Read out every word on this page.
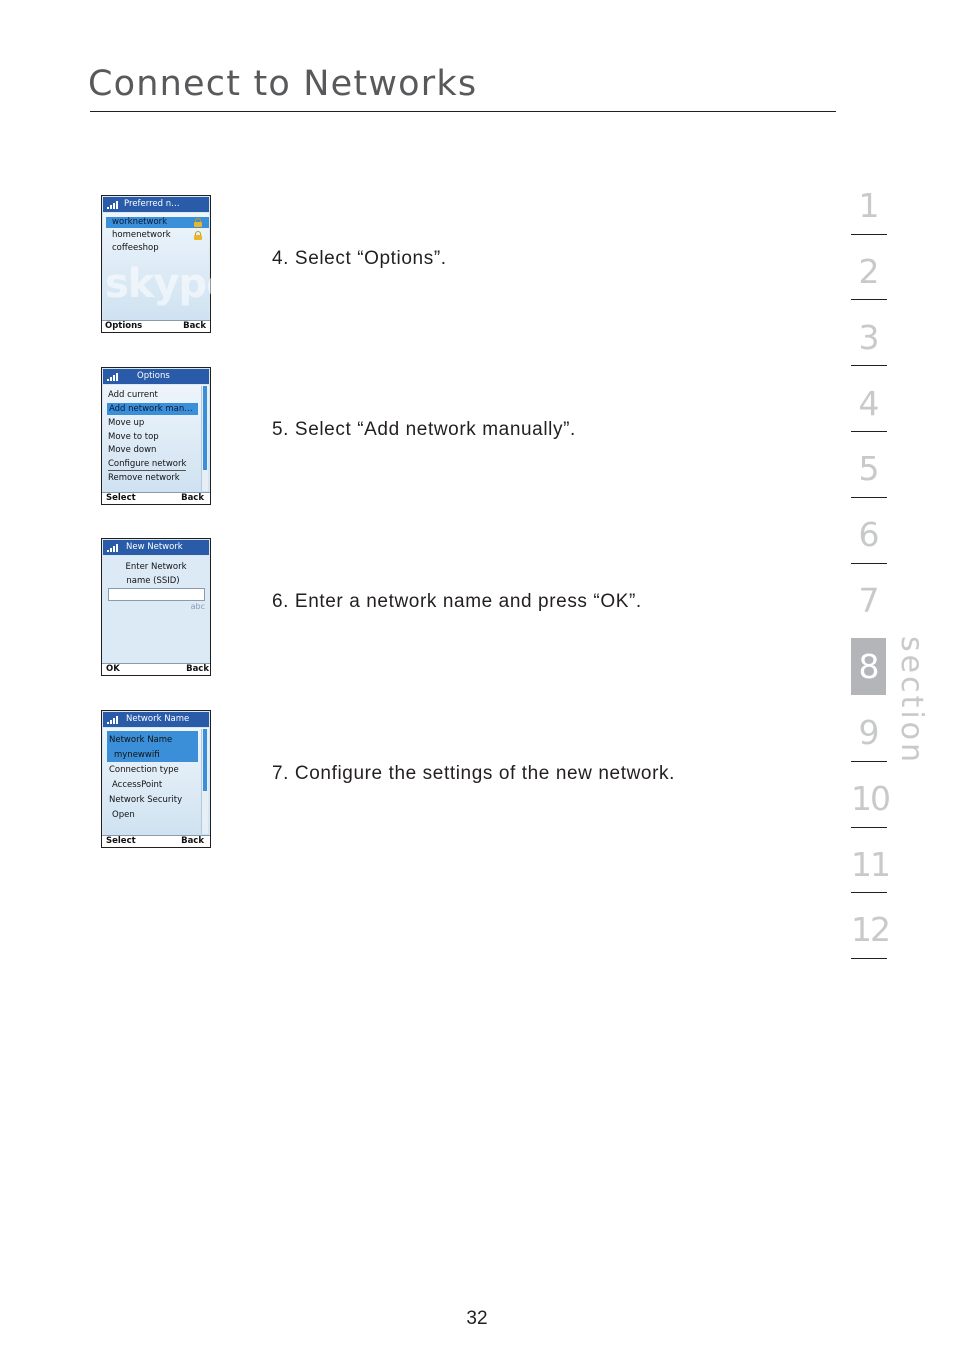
Connect to Networks
Preferred n…
skype
worknetwork
homenetwork
coffeeshop
Options	Back
4. Select “Options”.
Options
Add current
Add network man…
Move up
Move to top
Move down
Configure network
Remove network
Select	Back
5. Select “Add network manually”.
New Network
Enter Network
name (SSID)
abc
OK	Back
6. Enter a network name and press “OK”.
Network Name
Network Name
mynewwifi
Connection type
AccessPoint
Network Security
Open
Select	Back
7. Configure the settings of the new network.
1
2
3
4
5
6
7
8
9
10
11
12
section
32
